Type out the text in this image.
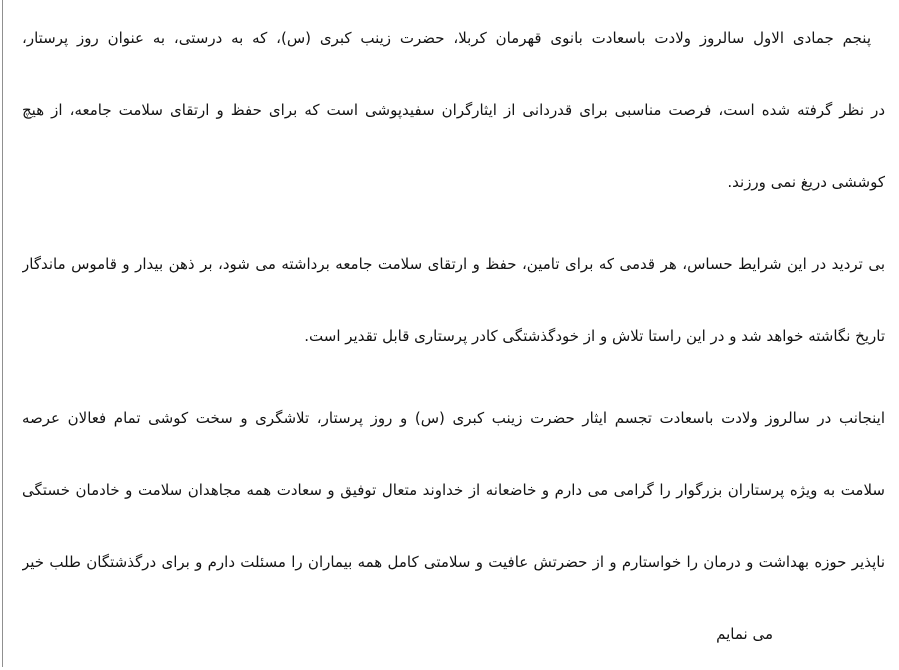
پنجم جمادی الاول سالروز ولادت باسعادت بانوی قهرمان کربلا، حضرت زینب کبری (س)، که به درستی، به عنوان روز پرستار،
در نظر گرفته شده است، فرصت مناسبی برای قدردانی از ایثارگران سفیدپوشی است که برای حفظ و ارتقای سلامت جامعه، از هیچ
کوششی دریغ نمی ورزند.
بی تردید در این شرایط حساس، هر قدمی که برای تامین، حفظ و ارتقای سلامت جامعه برداشته می شود، بر ذهن بیدار و قاموس ماندگار
تاریخ نگاشته خواهد شد و در این راستا تلاش و از خودگذشتگی کادر پرستاری قابل تقدیر است.
اینجانب در سالروز ولادت باسعادت تجسم ایثار حضرت زینب کبری (س) و روز پرستار، تلاشگری و سخت کوشی تمام فعالان عرصه
سلامت به ویژه پرستاران بزرگوار را گرامی می دارم و خاضعانه از خداوند متعال توفیق و سعادت همه مجاهدان سلامت و خادمان خستگی
ناپذیر حوزه بهداشت و درمان را خواستارم و از حضرتش عافیت و سلامتی کامل همه بیماران را مسئلت دارم و برای درگذشتگان طلب خیر
می نمایم
